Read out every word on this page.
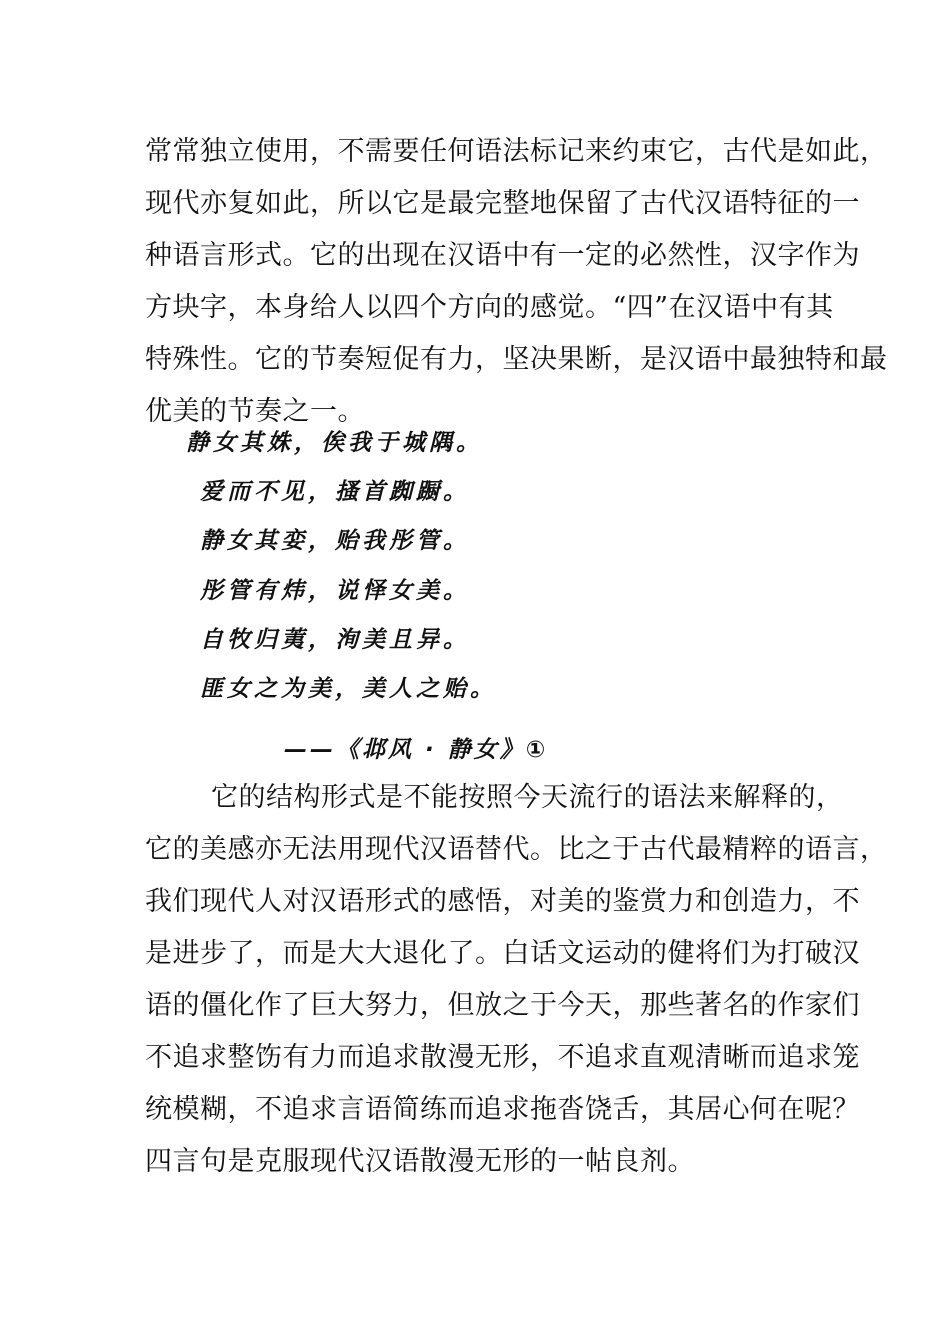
常常独立使用，不需要任何语法标记来约束它，古代是如此，
现代亦复如此，所以它是最完整地保留了古代汉语特征的一
种语言形式。它的出现在汉语中有一定的必然性，汉字作为
方块字，本身给人以四个方向的感觉。“四”在汉语中有其
特殊性。它的节奏短促有力，坚决果断，是汉语中最独特和最
优美的节奏之一。
静女其姝，俟我于城隅。
爱而不见，搔首踟蹰。
静女其娈，贻我彤管。
彤管有炜，说怿女美。
自牧归荑，洵美且异。
匪女之为美，美人之贻。
——《邶风 · 静女》①
它的结构形式是不能按照今天流行的语法来解释的，
它的美感亦无法用现代汉语替代。比之于古代最精粹的语言，
我们现代人对汉语形式的感悟，对美的鉴赏力和创造力，不
是进步了，而是大大退化了。白话文运动的健将们为打破汉
语的僵化作了巨大努力，但放之于今天，那些著名的作家们
不追求整饬有力而追求散漫无形，不追求直观清晰而追求笼
统模糊，不追求言语简练而追求拖沓饶舌，其居心何在呢？
四言句是克服现代汉语散漫无形的一帖良剂。
